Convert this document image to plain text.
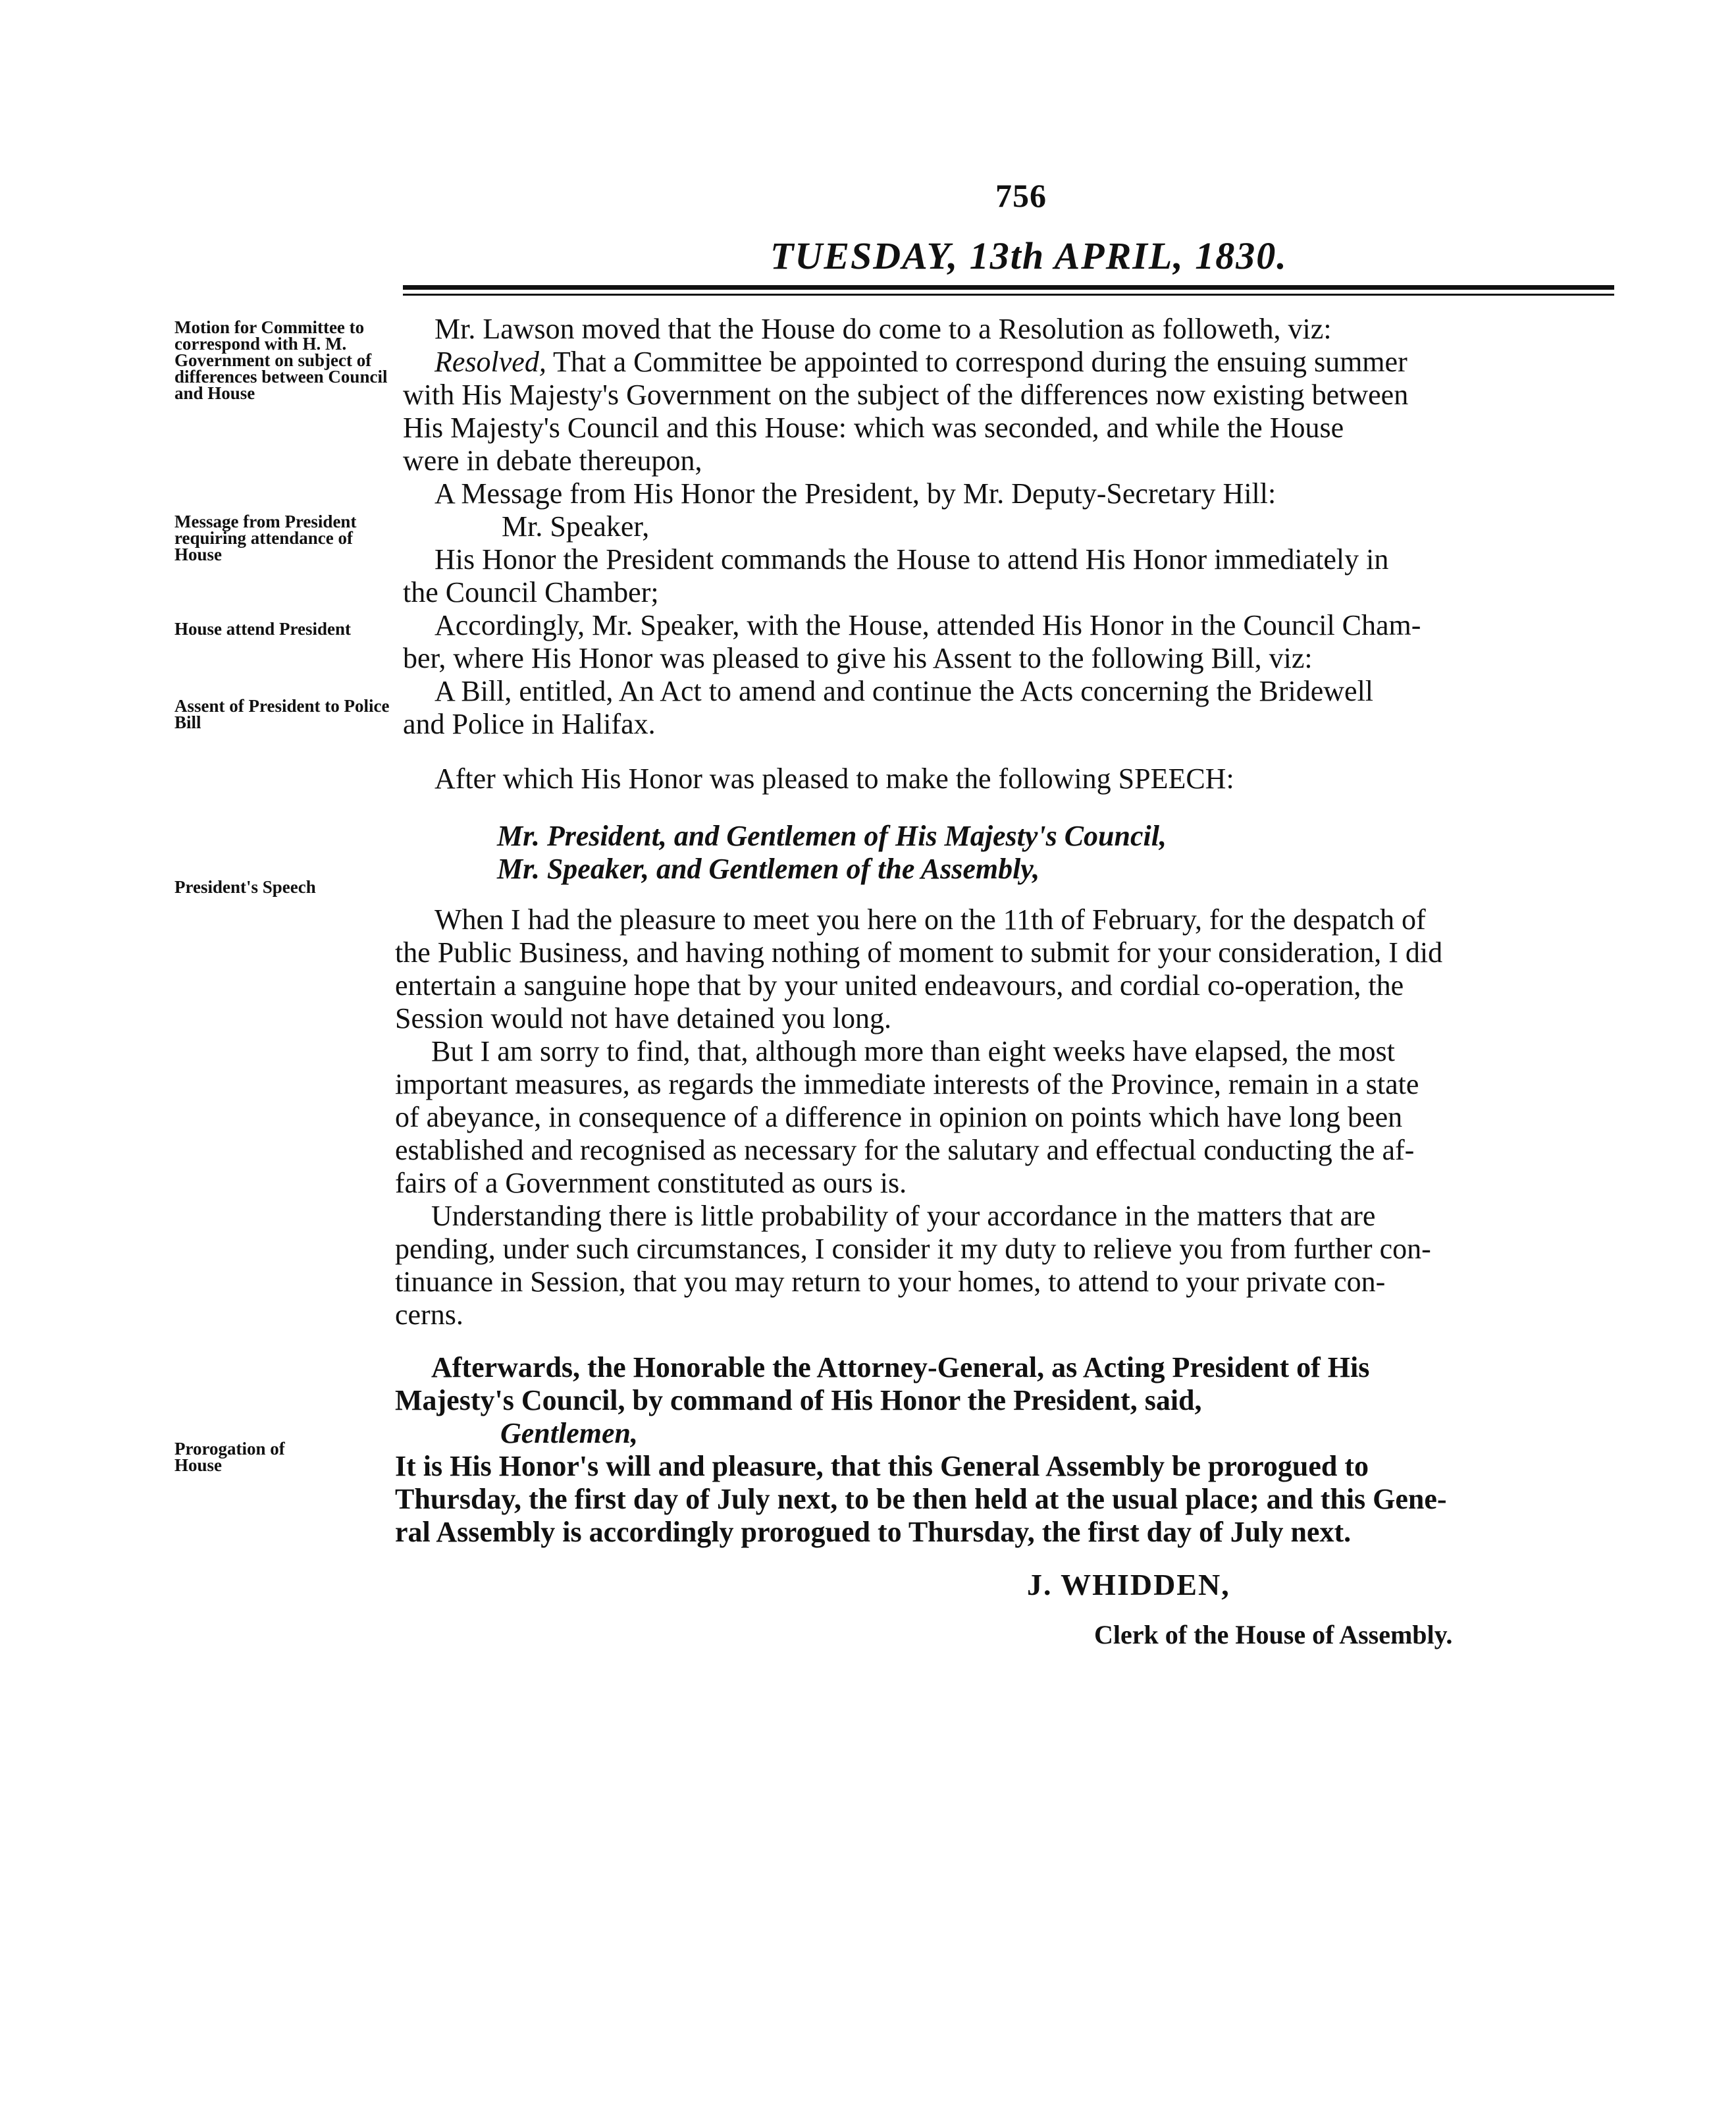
756
TUESDAY, 13th APRIL, 1830.
Motion for Committee to correspond with H. M. Government on subject of differences between Council and House
Message from President requiring attendance of House
House attend President
Assent of President to Police Bill
President's Speech
Prorogation of House
Mr. Lawson moved that the House do come to a Resolution as followeth, viz:
Resolved, That a Committee be appointed to correspond during the ensuing summer
with His Majesty's Government on the subject of the differences now existing between
His Majesty's Council and this House: which was seconded, and while the House
were in debate thereupon,
A Message from His Honor the President, by Mr. Deputy-Secretary Hill:
Mr. Speaker,
His Honor the President commands the House to attend His Honor immediately in
the Council Chamber;
Accordingly, Mr. Speaker, with the House, attended His Honor in the Council Cham-
ber, where His Honor was pleased to give his Assent to the following Bill, viz:
A Bill, entitled, An Act to amend and continue the Acts concerning the Bridewell
and Police in Halifax.
After which His Honor was pleased to make the following SPEECH:
Mr. President, and Gentlemen of His Majesty's Council,
Mr. Speaker, and Gentlemen of the Assembly,
When I had the pleasure to meet you here on the 11th of February, for the despatch of
the Public Business, and having nothing of moment to submit for your consideration, I did
entertain a sanguine hope that by your united endeavours, and cordial co-operation, the
Session would not have detained you long.
But I am sorry to find, that, although more than eight weeks have elapsed, the most
important measures, as regards the immediate interests of the Province, remain in a state
of abeyance, in consequence of a difference in opinion on points which have long been
established and recognised as necessary for the salutary and effectual conducting the af-
fairs of a Government constituted as ours is.
Understanding there is little probability of your accordance in the matters that are
pending, under such circumstances, I consider it my duty to relieve you from further con-
tinuance in Session, that you may return to your homes, to attend to your private con-
cerns.
Afterwards, the Honorable the Attorney-General, as Acting President of His
Majesty's Council, by command of His Honor the President, said,
Gentlemen,
It is His Honor's will and pleasure, that this General Assembly be prorogued to
Thursday, the first day of July next, to be then held at the usual place; and this Gene-
ral Assembly is accordingly prorogued to Thursday, the first day of July next.
J. WHIDDEN,
Clerk of the House of Assembly.
